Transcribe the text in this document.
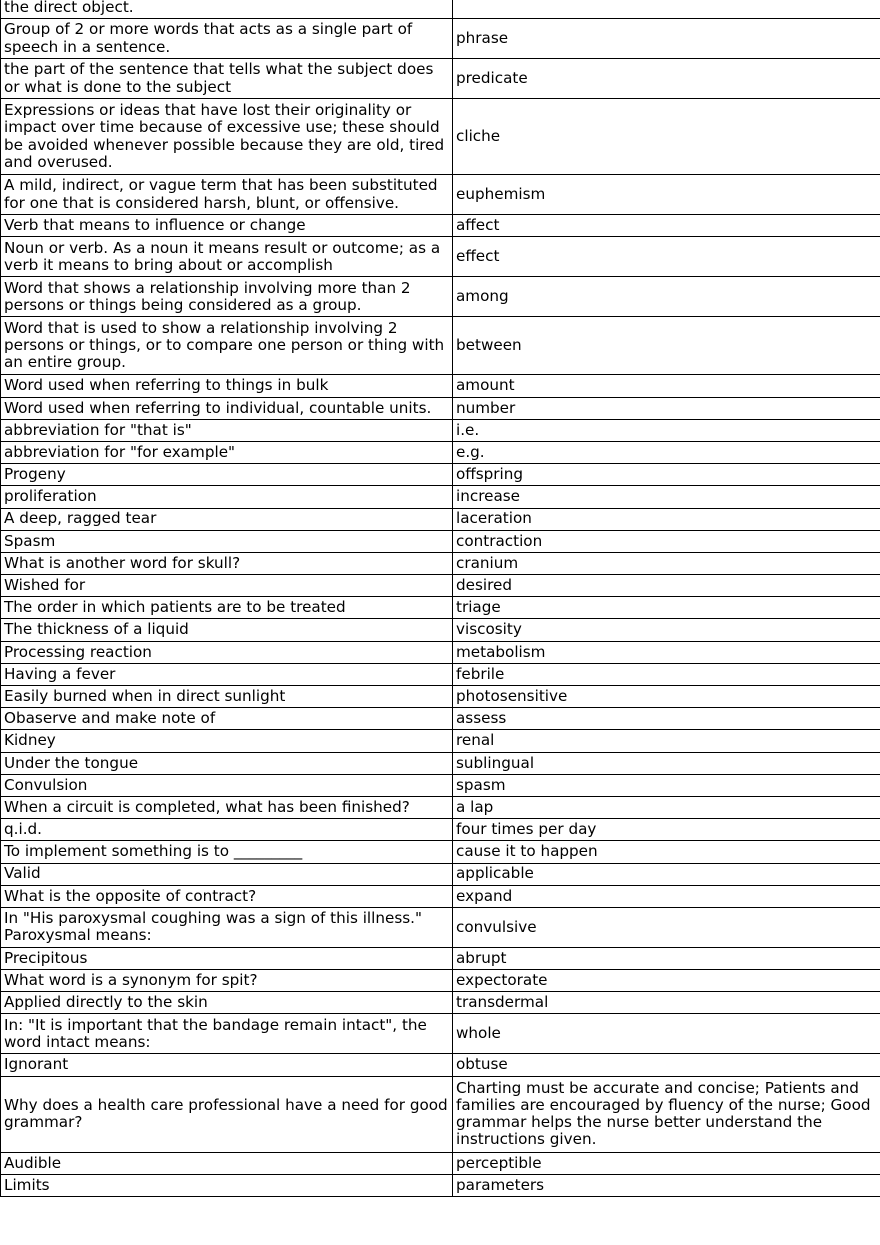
the direct object.	
Group of 2 or more words that acts as a single part of speech in a sentence.	phrase
the part of the sentence that tells what the subject does or what is done to the subject	predicate
Expressions or ideas that have lost their originality or impact over time because of excessive use; these should be avoided whenever possible because they are old, tired and overused.	cliche
A mild, indirect, or vague term that has been substituted for one that is considered harsh, blunt, or offensive.	euphemism
Verb that means to influence or change	affect
Noun or verb. As a noun it means result or outcome; as a verb it means to bring about or accomplish	effect
Word that shows a relationship involving more than 2 persons or things being considered as a group.	among
Word that is used to show a relationship involving 2 persons or things, or to compare one person or thing with an entire group.	between
Word used when referring to things in bulk	amount
Word used when referring to individual, countable units.	number
abbreviation for "that is"	i.e.
abbreviation for "for example"	e.g.
Progeny	offspring
proliferation	increase
A deep, ragged tear	laceration
Spasm	contraction
What is another word for skull?	cranium
Wished for	desired
The order in which patients are to be treated	triage
The thickness of a liquid	viscosity
Processing reaction	metabolism
Having a fever	febrile
Easily burned when in direct sunlight	photosensitive
Obaserve and make note of	assess
Kidney	renal
Under the tongue	sublingual
Convulsion	spasm
When a circuit is completed, what has been finished?	a lap
q.i.d.	four times per day
To implement something is to _________	cause it to happen
Valid	applicable
What is the opposite of contract?	expand
In "His paroxysmal coughing was a sign of this illness." Paroxysmal means:	convulsive
Precipitous	abrupt
What word is a synonym for spit?	expectorate
Applied directly to the skin	transdermal
In: "It is important that the bandage remain intact", the word intact means:	whole
Ignorant	obtuse
Why does a health care professional have a need for good grammar?	Charting must be accurate and concise; Patients and families are encouraged by fluency of the nurse; Good grammar helps the nurse better understand the instructions given.
Audible	perceptible
Limits	parameters
